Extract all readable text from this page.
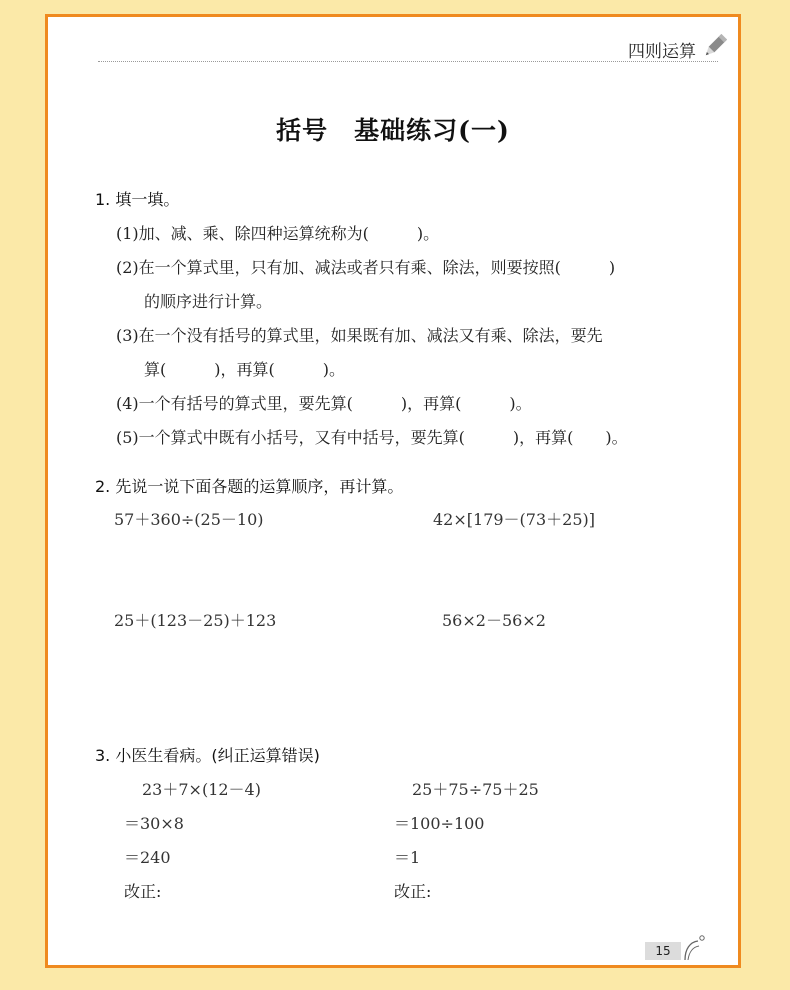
四则运算
括号　基础练习(一)
1. 填一填。
(1)加、减、乘、除四种运算统称为(　　　)。
(2)在一个算式里，只有加、减法或者只有乘、除法，则要按照(　　　)
的顺序进行计算。
(3)在一个没有括号的算式里，如果既有加、减法又有乘、除法，要先
算(　　　)，再算(　　　)。
(4)一个有括号的算式里，要先算(　　　)，再算(　　　)。
(5)一个算式中既有小括号，又有中括号，要先算(　　　)，再算(　　)。
2. 先说一说下面各题的运算顺序，再计算。
57＋360÷(25－10)	42×[179－(73＋25)]
25＋(123－25)＋123	56×2－56×2
3. 小医生看病。(纠正运算错误)
23＋7×(12－4)
＝30×8
＝240
改正:
25＋75÷75＋25
＝100÷100
＝1
改正:
15
